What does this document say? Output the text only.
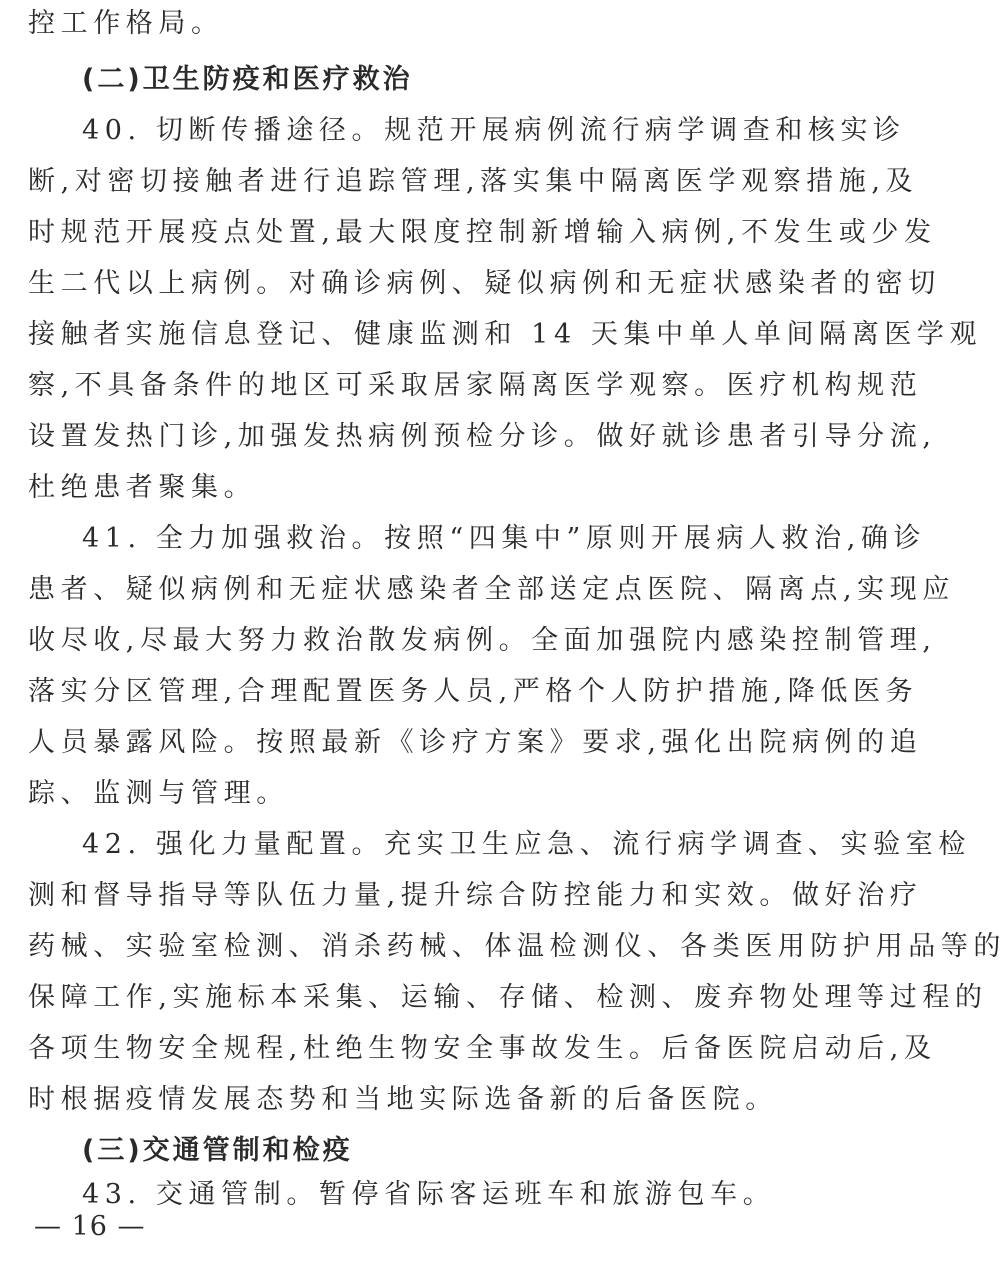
控工作格局。
(二)卫生防疫和医疗救治
40. 切断传播途径。规范开展病例流行病学调查和核实诊
断,对密切接触者进行追踪管理,落实集中隔离医学观察措施,及
时规范开展疫点处置,最大限度控制新增输入病例,不发生或少发
生二代以上病例。对确诊病例、疑似病例和无症状感染者的密切
接触者实施信息登记、健康监测和 14 天集中单人单间隔离医学观
察,不具备条件的地区可采取居家隔离医学观察。医疗机构规范
设置发热门诊,加强发热病例预检分诊。做好就诊患者引导分流,
杜绝患者聚集。
41. 全力加强救治。按照“四集中”原则开展病人救治,确诊
患者、疑似病例和无症状感染者全部送定点医院、隔离点,实现应
收尽收,尽最大努力救治散发病例。全面加强院内感染控制管理,
落实分区管理,合理配置医务人员,严格个人防护措施,降低医务
人员暴露风险。按照最新《诊疗方案》要求,强化出院病例的追
踪、监测与管理。
42. 强化力量配置。充实卫生应急、流行病学调查、实验室检
测和督导指导等队伍力量,提升综合防控能力和实效。做好治疗
药械、实验室检测、消杀药械、体温检测仪、各类医用防护用品等的
保障工作,实施标本采集、运输、存储、检测、废弃物处理等过程的
各项生物安全规程,杜绝生物安全事故发生。后备医院启动后,及
时根据疫情发展态势和当地实际选备新的后备医院。
(三)交通管制和检疫
43. 交通管制。暂停省际客运班车和旅游包车。
— 16 —
